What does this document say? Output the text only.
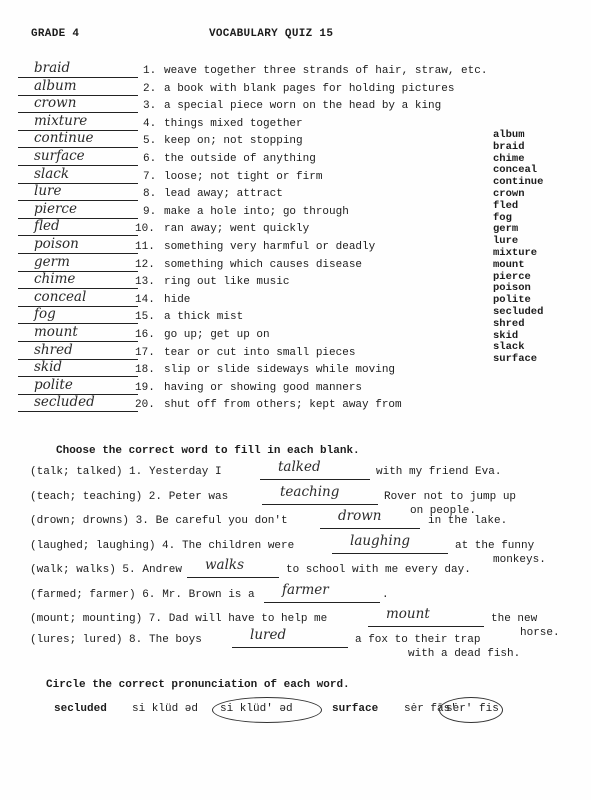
GRADE 4	VOCABULARY QUIZ 15
braid	1. weave together three strands of hair, straw, etc.
album	2. a book with blank pages for holding pictures
crown	3. a special piece worn on the head by a king
mixture	4. things mixed together
continue	5. keep on; not stopping
surface	6. the outside of anything
slack	7. loose; not tight or firm
lure	8. lead away; attract
pierce	9. make a hole into; go through
fled	10. ran away; went quickly
poison	11. something very harmful or deadly
germ	12. something which causes disease
chime	13. ring out like music
conceal	14. hide
fog	15. a thick mist
mount	16. go up; get up on
shred	17. tear or cut into small pieces
skid	18. slip or slide sideways while moving
polite	19. having or showing good manners
secluded	20. shut off from others; kept away from
album
braid
chime
conceal
continue
crown
fled
fog
germ
lure
mixture
mount
pierce
poison
polite
secluded
shred
skid
slack
surface
Choose the correct word to fill in each blank.
(talk; talked) 1. Yesterday I	talked	with my friend Eva.
(teach; teaching) 2. Peter was	teaching	Rover not to jump up
on people.
(drown; drowns) 3. Be careful you don't	drown	in the lake.
(laughed; laughing) 4. The children were	laughing	at the funny
monkeys.
(walk; walks) 5. Andrew walks	to school with me every day.
(farmed; farmer) 6. Mr. Brown is a farmer	.
(mount; mounting) 7. Dad will have to help me	mount	the new
horse.
(lures; lured) 8. The boys	lured	a fox to their trap
with a dead fish.
Circle the correct pronunciation of each word.
secluded si klüd əd si klüd' əd	surface sėr fās'
sėr' fis
